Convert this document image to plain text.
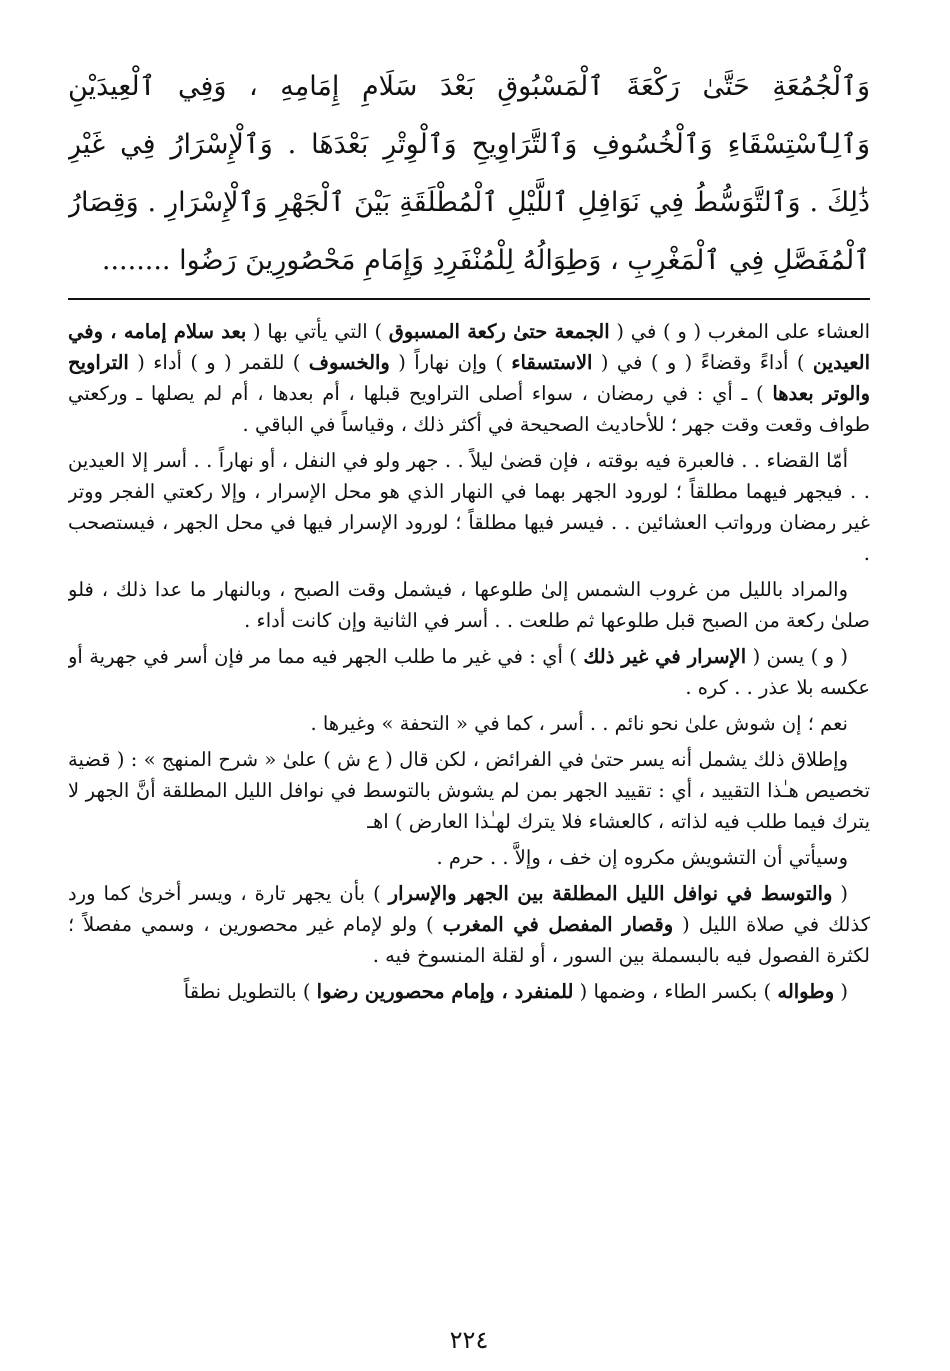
وَٱلْجُمُعَةِ حَتَّىٰ رَكْعَةَ ٱلْمَسْبُوقِ بَعْدَ سَلَامِ إِمَامِهِ ، وَفِي ٱلْعِيدَيْنِ وَٱلِٱسْتِسْقَاءِ وَٱلْخُسُوفِ وَٱلتَّرَاوِيحِ وَٱلْوِتْرِ بَعْدَهَا . وَٱلْإِسْرَارُ فِي غَيْرِ ذَٰلِكَ . وَٱلتَّوَسُّطُ فِي نَوَافِلِ ٱللَّيْلِ ٱلْمُطْلَقَةِ بَيْنَ ٱلْجَهْرِ وَٱلْإِسْرَارِ . وَقِصَارُ ٱلْمُفَصَّلِ فِي ٱلْمَغْرِبِ ، وَطِوَالُهُ لِلْمُنْفَرِدِ وَإِمَامِ مَحْصُورِينَ رَضُوا ........

العشاء على المغرب ( و ) في ( الجمعة حتىٰ ركعة المسبوق ) التي يأتي بها ( بعد سلام إمامه ، وفي العيدين ) أداءً وقضاءً ( و ) في ( الاستسقاء ) وإن نهاراً ( والخسوف ) للقمر ( و ) أداء ( التراويح والوتر بعدها ) ـ أي : في رمضان ، سواء أصلى التراويح قبلها ، أم بعدها ، أم لم يصلها ـ وركعتي طواف وقعت وقت جهر ؛ للأحاديث الصحيحة في أكثر ذلك ، وقياساً في الباقي .

أمّا القضاء . . فالعبرة فيه بوقته ، فإن قضىٰ ليلاً . . جهر ولو في النفل ، أو نهاراً . . أسر إلا العيدين . . فيجهر فيهما مطلقاً ؛ لورود الجهر بهما في النهار الذي هو محل الإسرار ، وإلا ركعتي الفجر ووتر غير رمضان ورواتب العشائين . . فيسر فيها مطلقاً ؛ لورود الإسرار فيها في محل الجهر ، فيستصحب .

والمراد بالليل من غروب الشمس إلىٰ طلوعها ، فيشمل وقت الصبح ، وبالنهار ما عدا ذلك ، فلو صلىٰ ركعة من الصبح قبل طلوعها ثم طلعت . . أسر في الثانية وإن كانت أداء .

( و ) يسن ( الإسرار في غير ذلك ) أي : في غير ما طلب الجهر فيه مما مر فإن أسر في جهرية أو عكسه بلا عذر . . كره .

نعم ؛ إن شوش علىٰ نحو نائم . . أسر ، كما في « التحفة » وغيرها .

وإطلاق ذلك يشمل أنه يسر حتىٰ في الفرائض ، لكن قال ( ع ش ) علىٰ « شرح المنهج » : ( قضية تخصيص هـٰذا التقييد ، أي : تقييد الجهر بمن لم يشوش بالتوسط في نوافل الليل المطلقة أنَّ الجهر لا يترك فيما طلب فيه لذاته ، كالعشاء فلا يترك لهـٰذا العارض ) اهـ

وسيأتي أن التشويش مكروه إن خف ، وإلاَّ . . حرم .

( والتوسط في نوافل الليل المطلقة بين الجهر والإسرار ) بأن يجهر تارة ، ويسر أخرىٰ كما ورد كذلك في صلاة الليل ( وقصار المفصل في المغرب ) ولو لإمام غير محصورين ، وسمي مفصلاً ؛ لكثرة الفصول فيه بالبسملة بين السور ، أو لقلة المنسوخ فيه .

( وطواله ) بكسر الطاء ، وضمها ( للمنفرد ، وإمام محصورين رضوا ) بالتطويل نطقاً

٢٢٤
